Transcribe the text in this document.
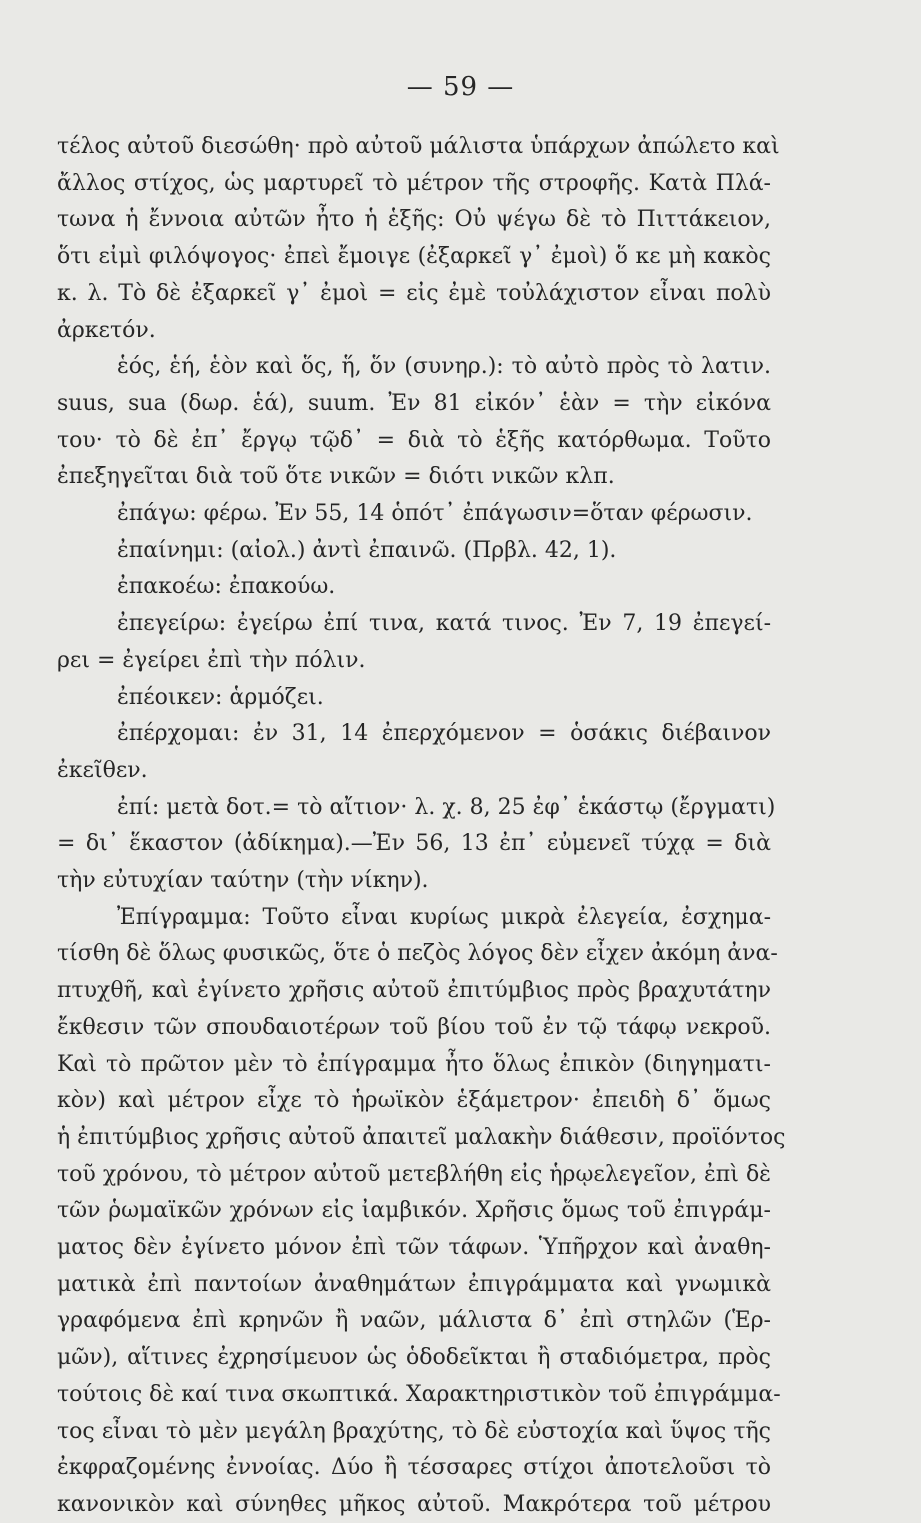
— 59 —
τέλος αὐτοῦ διεσώθη· πρὸ αὐτοῦ μάλιστα ὑπάρχων ἀπώλετο καὶ
ἄλλος στίχος, ὡς μαρτυρεῖ τὸ μέτρον τῆς στροφῆς. Κατὰ Πλά-
τωνα ἡ ἔννοια αὐτῶν ἦτο ἡ ἑξῆς: Οὐ ψέγω δὲ τὸ Πιττάκειον,
ὅτι εἰμὶ φιλόψογος· ἐπεὶ ἔμοιγε (ἐξαρκεῖ γ᾿ ἐμοὶ) ὅ κε μὴ κακὸς
κ. λ. Τὸ δὲ ἐξαρκεῖ γ᾿ ἐμοὶ = εἰς ἐμὲ τοὐλάχιστον εἶναι πολὺ
ἀρκετόν.
ἑός, ἑή, ἑὸν καὶ ὅς, ἥ, ὅν (συνηρ.): τὸ αὐτὸ πρὸς τὸ λατιν.
suus, sua (δωρ. ἑά), suum. Ἐν 81 εἰκόν᾿ ἑὰν = τὴν εἰκόνα
του· τὸ δὲ ἐπ᾿ ἔργῳ τῷδ᾿ = διὰ τὸ ἑξῆς κατόρθωμα. Τοῦτο
ἐπεξηγεῖται διὰ τοῦ ὅτε νικῶν = διότι νικῶν κλπ.
ἐπάγω: φέρω. Ἐν 55, 14 ὁπότ᾿ ἐπάγωσιν=ὅταν φέρωσιν.
ἐπαίνημι: (αἰολ.) ἀντὶ ἐπαινῶ. (Πρβλ. 42, 1).
ἐπακοέω: ἐπακούω.
ἐπεγείρω: ἐγείρω ἐπί τινα, κατά τινος. Ἐν 7, 19 ἐπεγεί-
ρει = ἐγείρει ἐπὶ τὴν πόλιν.
ἐπέοικεν: ἁρμόζει.
ἐπέρχομαι: ἐν 31, 14 ἐπερχόμενον = ὁσάκις διέβαινον
ἐκεῖθεν.
ἐπί: μετὰ δοτ.= τὸ αἴτιον· λ. χ. 8, 25 ἐφ᾿ ἑκάστῳ (ἔργματι)
= δι᾿ ἕκαστον (ἀδίκημα).—Ἐν 56, 13 ἐπ᾿ εὐμενεῖ τύχᾳ = διὰ
τὴν εὐτυχίαν ταύτην (τὴν νίκην).
Ἐπίγραμμα: Τοῦτο εἶναι κυρίως μικρὰ ἐλεγεία, ἐσχημα-
τίσθη δὲ ὅλως φυσικῶς, ὅτε ὁ πεζὸς λόγος δὲν εἶχεν ἀκόμη ἀνα-
πτυχθῆ, καὶ ἐγίνετο χρῆσις αὐτοῦ ἐπιτύμβιος πρὸς βραχυτάτην
ἔκθεσιν τῶν σπουδαιοτέρων τοῦ βίου τοῦ ἐν τῷ τάφῳ νεκροῦ.
Καὶ τὸ πρῶτον μὲν τὸ ἐπίγραμμα ἦτο ὅλως ἐπικὸν (διηγηματι-
κὸν) καὶ μέτρον εἶχε τὸ ἡρωϊκὸν ἑξάμετρον· ἐπειδὴ δ᾿ ὅμως
ἡ ἐπιτύμβιος χρῆσις αὐτοῦ ἀπαιτεῖ μαλακὴν διάθεσιν, προϊόντος
τοῦ χρόνου, τὸ μέτρον αὐτοῦ μετεβλήθη εἰς ἡρῳελεγεῖον, ἐπὶ δὲ
τῶν ῥωμαϊκῶν χρόνων εἰς ἰαμβικόν. Χρῆσις ὅμως τοῦ ἐπιγράμ-
ματος δὲν ἐγίνετο μόνον ἐπὶ τῶν τάφων. Ὑπῆρχον καὶ ἀναθη-
ματικὰ ἐπὶ παντοίων ἀναθημάτων ἐπιγράμματα καὶ γνωμικὰ
γραφόμενα ἐπὶ κρηνῶν ἢ ναῶν, μάλιστα δ᾿ ἐπὶ στηλῶν (Ἑρ-
μῶν), αἵτινες ἐχρησίμευον ὡς ὁδοδεῖκται ἢ σταδιόμετρα, πρὸς
τούτοις δὲ καί τινα σκωπτικά. Χαρακτηριστικὸν τοῦ ἐπιγράμμα-
τος εἶναι τὸ μὲν μεγάλη βραχύτης, τὸ δὲ εὐστοχία καὶ ὕψος τῆς
ἐκφραζομένης ἐννοίας. Δύο ἢ τέσσαρες στίχοι ἀποτελοῦσι τὸ
κανονικὸν καὶ σύνηθες μῆκος αὐτοῦ. Μακρότερα τοῦ μέτρου
